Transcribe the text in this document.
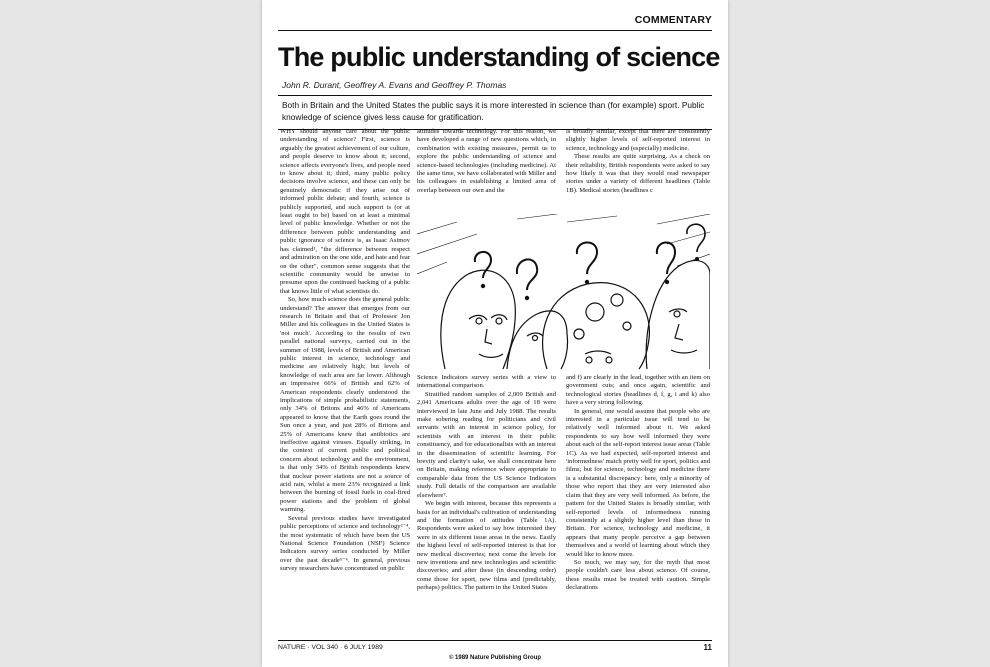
COMMENTARY
The public understanding of science
John R. Durant, Geoffrey A. Evans and Geoffrey P. Thomas
Both in Britain and the United States the public says it is more interested in science than (for example) sport. Public knowledge of science gives less cause for gratification.
NATURE · VOL 340 · 6 JULY 1989	11

WHY should anyone care about the public understanding of science? First, science is arguably the greatest achievement of our culture, and people deserve to know about it; second, science affects everyone's lives, and people need to know about it; third, many public policy decisions involve science, and these can only be genuinely democratic if they arise out of informed public debate; and fourth, science is publicly supported, and such support is (or at least ought to be) based on at least a minimal level of public knowledge. Whether or not the difference between public understanding and public ignorance of science is, as Isaac Asimov has claimed¹, "the difference between respect and admiration on the one side, and hate and fear on the other", common sense suggests that the scientific community would be unwise to presume upon the continued backing of a public that knows little of what scientists do.

So, how much science does the general public understand? The answer that emerges from our research in Britain and that of Professor Jon Miller and his colleagues in the United States is 'not much'. According to the results of two parallel national surveys, carried out in the summer of 1988, levels of British and American public interest in science, technology and medicine are relatively high; but levels of knowledge of each area are far lower. Although an impressive 66% of British and 62% of American respondents clearly understood the implications of simple probabilistic statements, only 34% of Britons and 46% of Americans appeared to know that the Earth goes round the Sun once a year, and just 28% of Britons and 25% of Americans knew that antibiotics are ineffective against viruses. Equally striking, in the context of current public and political concern about technology and the environment, is that only 34% of British respondents knew that nuclear power stations are not a source of acid rain, whilst a mere 23% recognized a link between the burning of fossil fuels in coal-fired power stations and the problem of global warming.

Several previous studies have investigated public perceptions of science and technology²⁻⁴, the most systematic of which have been the US National Science Foundation (NSF) Science Indicators survey series conducted by Miller over the past decade⁵⁻⁶. In general, previous survey researchers have concentrated on public

attitudes towards technology. For this reason, we have developed a range of new questions which, in combination with existing measures, permit us to explore the public understanding of science and science-based technologies (including medicine). At the same time, we have collaborated with Miller and his colleagues in establishing a limited area of overlap between our own and the

is broadly similar, except that there are consistently slightly higher levels of self-reported interest in science, technology and (especially) medicine.

These results are quite surprising. As a check on their reliability, British respondents were asked to say how likely it was that they would read newspaper stories under a variety of different headlines (Table 1B). Medical stories (headlines c

Science Indicators survey series with a view to international comparison.

Stratified random samples of 2,009 British and 2,041 Americans adults over the age of 18 were interviewed in late June and July 1988. The results make sobering reading for politicians and civil servants with an interest in science policy, for scientists with an interest in their public constituency, and for educationalists with an interest in the dissemination of scientific learning. For brevity and clarity's sake, we shall concentrate here on Britain, making reference where appropriate to comparable data from the US Science Indicators study. Full details of the comparison are available elsewhere⁷.

We begin with interest, because this represents a basis for an individual's cultivation of understanding and the formation of attitudes (Table 1A). Respondents were asked to say how interested they were in six different issue areas in the news. Easily the highest level of self-reported interest is that for new medical discoveries; next come the levels for new inventions and new technologies and scientific discoveries; and after these (in descending order) come those for sport, new films and (predictably, perhaps) politics. The pattern in the United States

and f) are clearly in the lead, together with an item on government cuts; and once again, scientific and technological stories (headlines d, f, g, i and k) also have a very strong following.

In general, one would assume that people who are interested in a particular issue will tend to be relatively well informed about it. We asked respondents to say how well informed they were about each of the self-report interest issue areas (Table 1C). As we had expected, self-reported interest and 'informedness' match pretty well for sport, politics and films; but for science, technology and medicine there is a substantial discrepancy: here, only a minority of those who report that they are very interested also claim that they are very well informed. As before, the pattern for the United States is broadly similar, with self-reported levels of informedness running consistently at a slightly higher level than those in Britain. For science, technology and medicine, it appears that many people perceive a gap between themselves and a world of learning about which they would like to know more.

So much, we may say, for the myth that most people couldn't care less about science. Of course, these results must be treated with caution. Simple declarations

© 1989 Nature Publishing Group
